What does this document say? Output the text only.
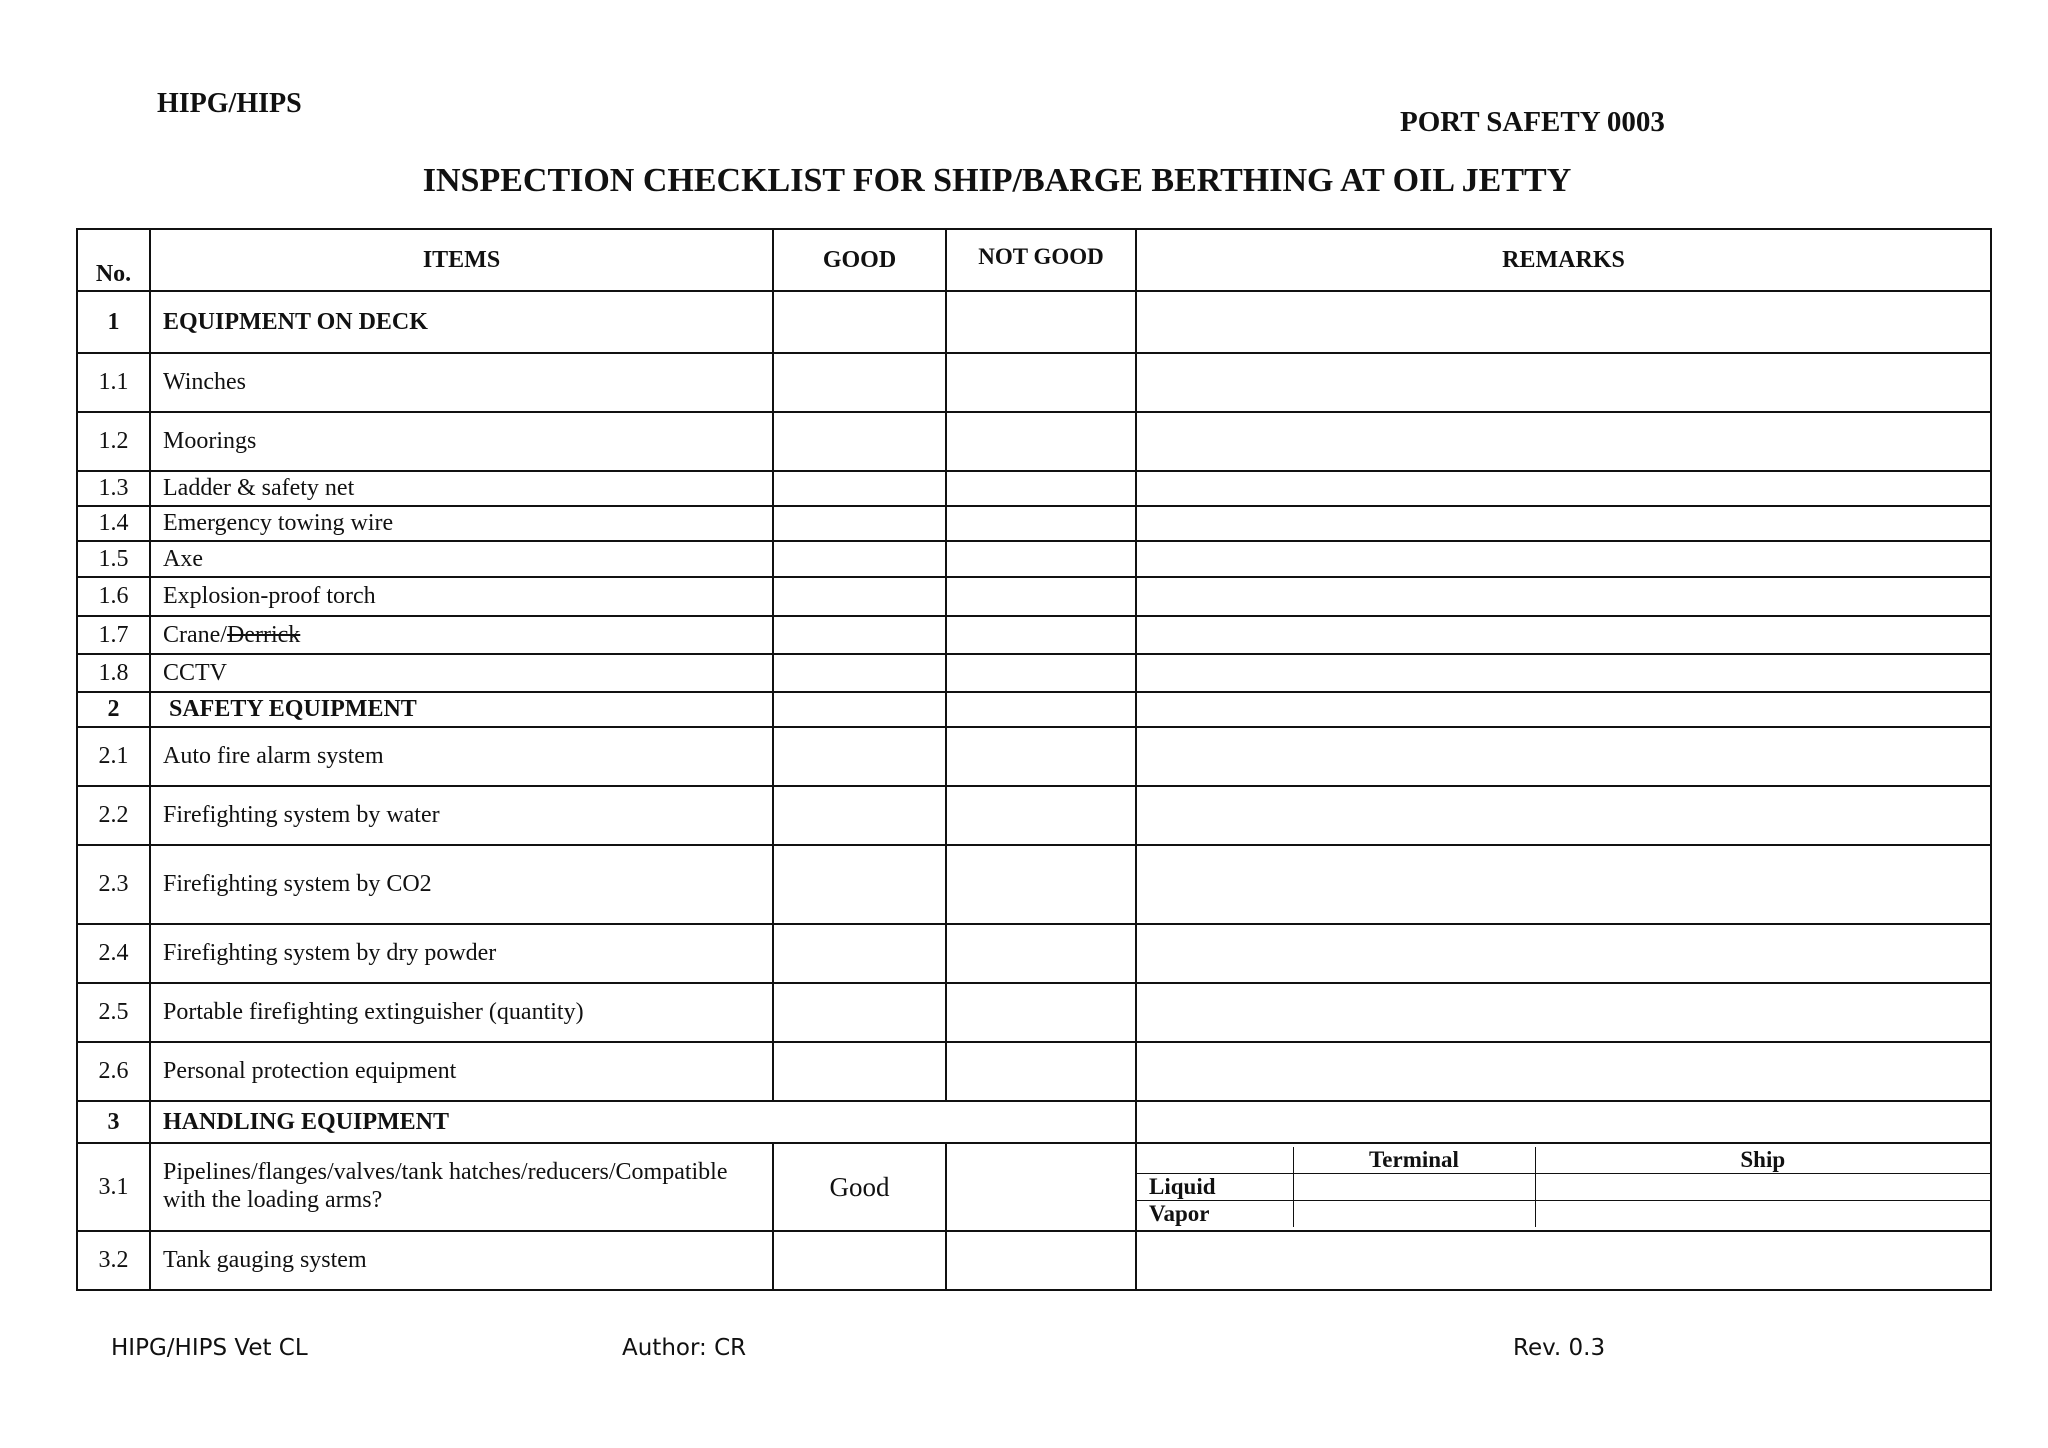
HIPG/HIPS
PORT SAFETY 0003
INSPECTION CHECKLIST FOR SHIP/BARGE BERTHING AT OIL JETTY
No.	ITEMS	GOOD	NOT GOOD	REMARKS
1	EQUIPMENT ON DECK			
1.1	Winches			
1.2	Moorings			
1.3	Ladder & safety net			
1.4	Emergency towing wire			
1.5	Axe			
1.6	Explosion-proof torch			
1.7	Crane/Derrick			
1.8	CCTV			
2	SAFETY EQUIPMENT			
2.1	Auto fire alarm system			
2.2	Firefighting system by water			
2.3	Firefighting system by CO2			
2.4	Firefighting system by dry powder			
2.5	Portable firefighting extinguisher (quantity)			
2.6	Personal protection equipment			
3	HANDLING EQUIPMENT	
3.1	Pipelines/flanges/valves/tank hatches/reducers/Compatible with the loading arms?	Good		
	Terminal	Ship
Liquid		
Vapor		

3.2	Tank gauging system			
HIPG/HIPS Vet CL	Author: CR	Rev. 0.3
